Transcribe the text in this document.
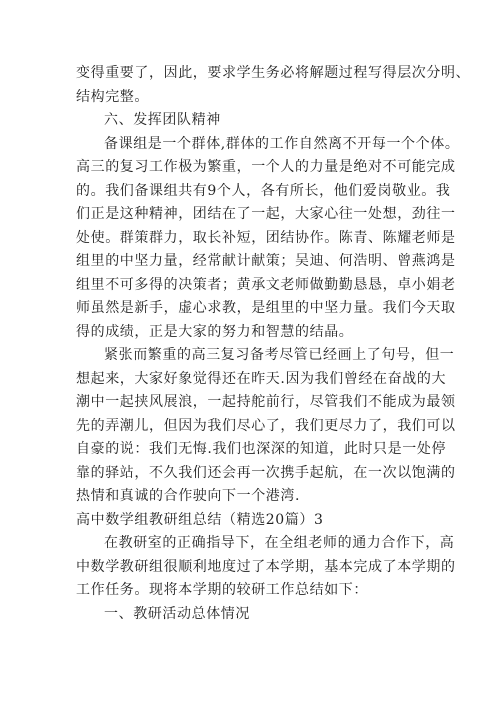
变得重要了，因此，要求学生务必将解题过程写得层次分明、
结构完整。
六、发挥团队精神
备课组是一个群体,群体的工作自然离不开每一个个体。
高三的复习工作极为繁重，一个人的力量是绝对不可能完成
的。我们备课组共有9个人，各有所长，他们爱岗敬业。我
们正是这种精神，团结在了一起，大家心往一处想，劲往一
处使。群策群力，取长补短，团结协作。陈青、陈耀老师是
组里的中坚力量，经常献计献策；吴迪、何浩明、曾燕鸿是
组里不可多得的决策者；黄承文老师做勤勤恳恳，卓小娟老
师虽然是新手，虚心求教，是组里的中坚力量。我们今天取
得的成绩，正是大家的努力和智慧的结晶。
紧张而繁重的高三复习备考尽管已经画上了句号，但一
想起来，大家好象觉得还在昨天.因为我们曾经在奋战的大
潮中一起挟风展浪，一起持舵前行，尽管我们不能成为最领
先的弄潮儿，但因为我们尽心了，我们更尽力了，我们可以
自豪的说：我们无悔.我们也深深的知道，此时只是一处停
靠的驿站，不久我们还会再一次携手起航，在一次以饱满的
热情和真诚的合作驶向下一个港湾.
高中数学组教研组总结（精选20篇）3
在教研室的正确指导下，在全组老师的通力合作下，高
中数学教研组很顺利地度过了本学期，基本完成了本学期的
工作任务。现将本学期的较研工作总结如下：
一、教研活动总体情况
